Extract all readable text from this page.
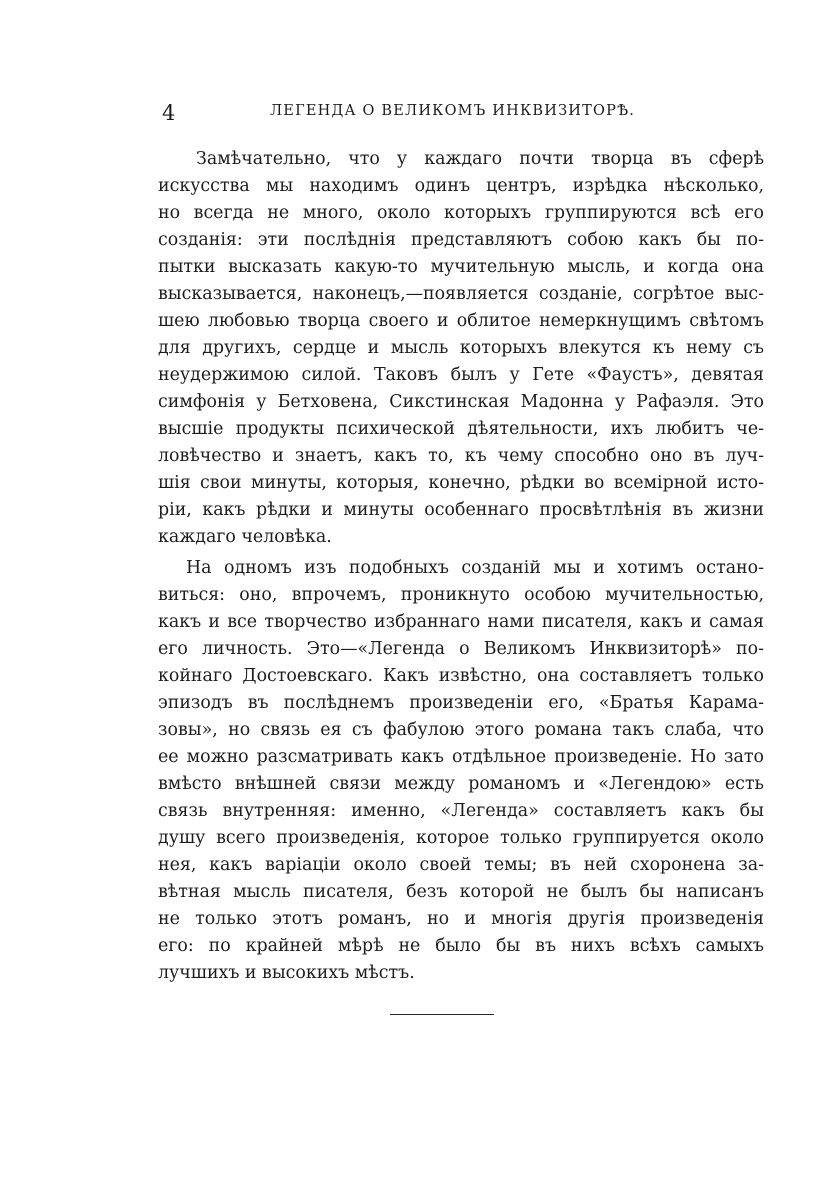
4	ЛЕГЕНДА О ВЕЛИКОМЪ ИНКВИЗИТОРѢ.
Замѣчательно, что у каждаго почти творца въ сферѣ
искусства мы находимъ одинъ центръ, изрѣдка нѣсколько,
но всегда не много, около которыхъ группируются всѣ его
созданія: эти послѣднія представляютъ собою какъ бы по-
пытки высказать какую-то мучительную мысль, и когда она
высказывается, наконецъ,—появляется созданіе, согрѣтое выс-
шею любовью творца своего и облитое немеркнущимъ свѣтомъ
для другихъ, сердце и мысль которыхъ влекутся къ нему съ
неудержимою силой. Таковъ былъ у Гете «Фаустъ», девятая
симфонія у Бетховена, Сикстинская Мадонна у Рафаэля. Это
высшіе продукты психической дѣятельности, ихъ любитъ че-
ловѣчество и знаетъ, какъ то, къ чему способно оно въ луч-
шія свои минуты, которыя, конечно, рѣдки во всемірной исто-
ріи, какъ рѣдки и минуты особеннаго просвѣтлѣнія въ жизни
каждаго человѣка.
На одномъ изъ подобныхъ созданій мы и хотимъ остано-
виться: оно, впрочемъ, проникнуто особою мучительностью,
какъ и все творчество избраннаго нами писателя, какъ и самая
его личность. Это—«Легенда о Великомъ Инквизиторѣ» по-
койнаго Достоевскаго. Какъ извѣстно, она составляетъ только
эпизодъ въ послѣднемъ произведеніи его, «Братья Карама-
зовы», но связь ея съ фабулою этого романа такъ слаба, что
ее можно разсматривать какъ отдѣльное произведеніе. Но зато
вмѣсто внѣшней связи между романомъ и «Легендою» есть
связь внутренняя: именно, «Легенда» составляетъ какъ бы
душу всего произведенія, которое только группируется около
нея, какъ варіаціи около своей темы; въ ней схоронена за-
вѣтная мысль писателя, безъ которой не былъ бы написанъ
не только этотъ романъ, но и многія другія произведенія
его: по крайней мѣрѣ не было бы въ нихъ всѣхъ самыхъ
лучшихъ и высокихъ мѣстъ.
